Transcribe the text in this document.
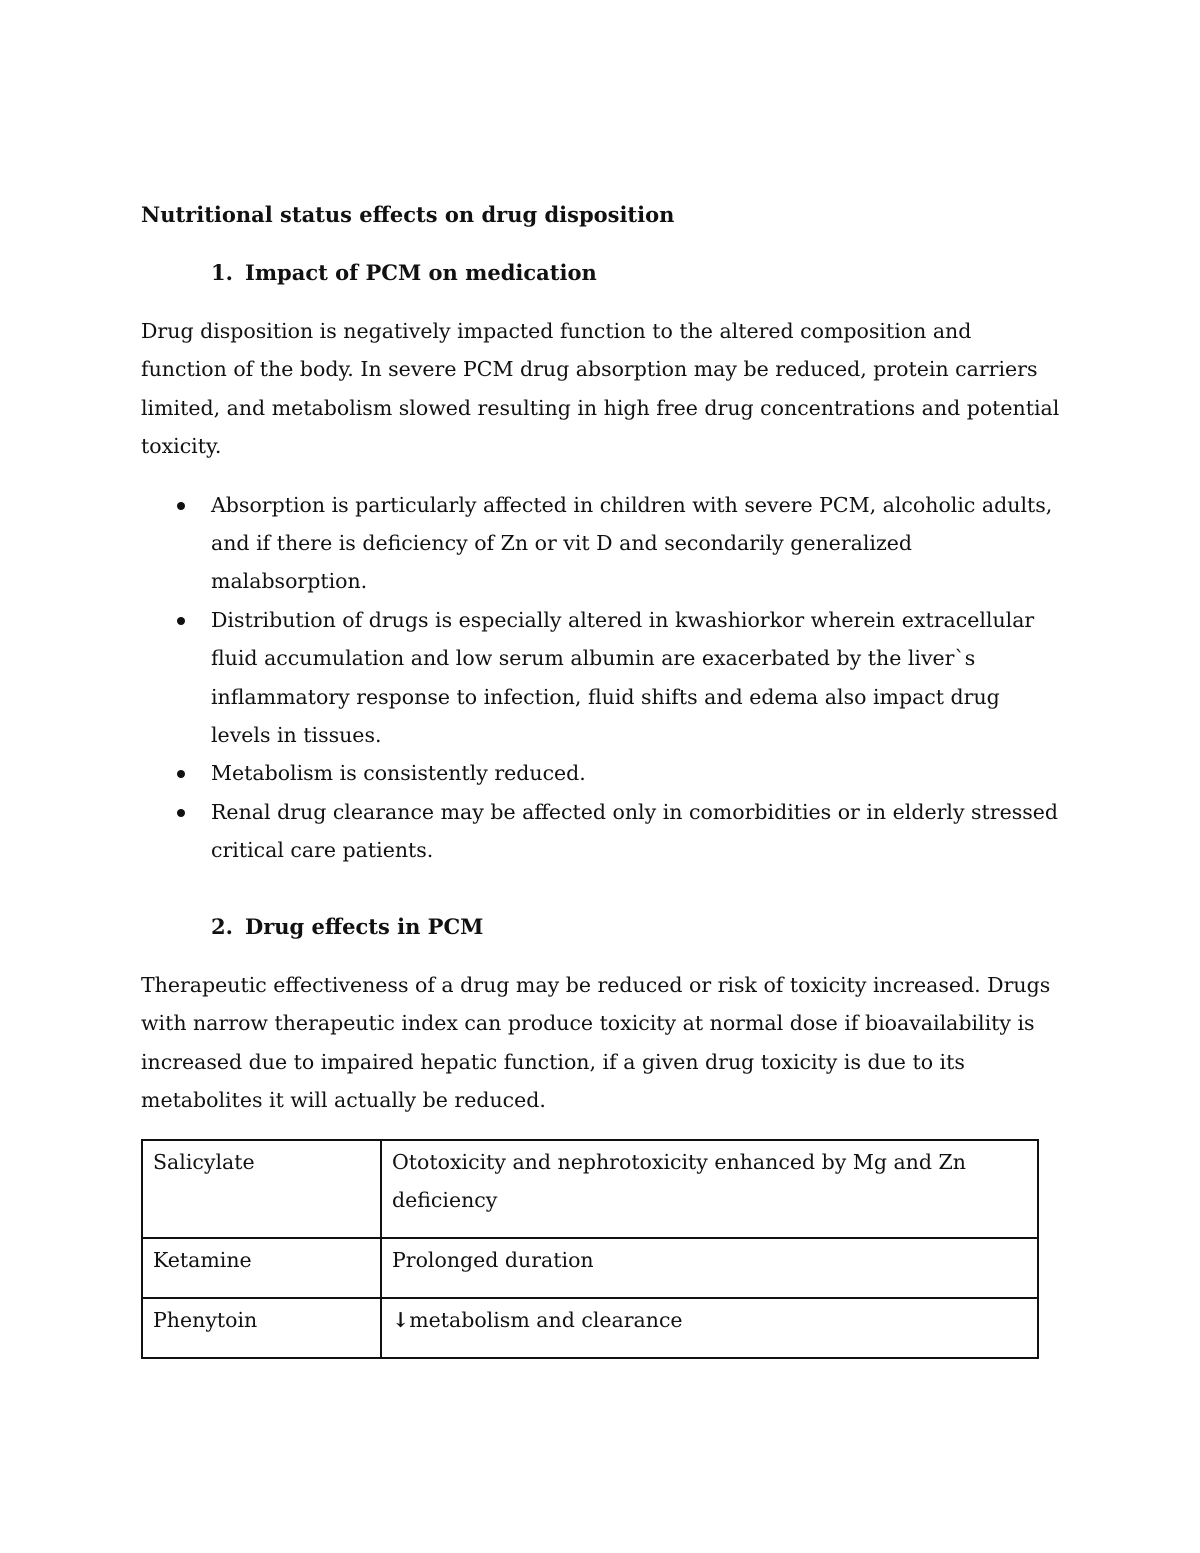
Nutritional status effects on drug disposition
1. Impact of PCM on medication

Drug disposition is negatively impacted function to the altered composition and function of the body. In severe PCM drug absorption may be reduced, protein carriers limited, and metabolism slowed resulting in high free drug concentrations and potential toxicity.

Absorption is particularly affected in children with severe PCM, alcoholic adults, and if there is deficiency of Zn or vit D and secondarily generalized malabsorption.
Distribution of drugs is especially altered in kwashiorkor wherein extracellular fluid accumulation and low serum albumin are exacerbated by the liver`s inflammatory response to infection, fluid shifts and edema also impact drug levels in tissues.
Metabolism is consistently reduced.
Renal drug clearance may be affected only in comorbidities or in elderly stressed critical care patients.
2. Drug effects in PCM

Therapeutic effectiveness of a drug may be reduced or risk of toxicity increased. Drugs with narrow therapeutic index can produce toxicity at normal dose if bioavailability is increased due to impaired hepatic function, if a given drug toxicity is due to its metabolites it will actually be reduced.

Salicylate	Ototoxicity and nephrotoxicity enhanced by Mg and Zn deficiency
Ketamine	Prolonged duration
Phenytoin	↓metabolism and clearance
